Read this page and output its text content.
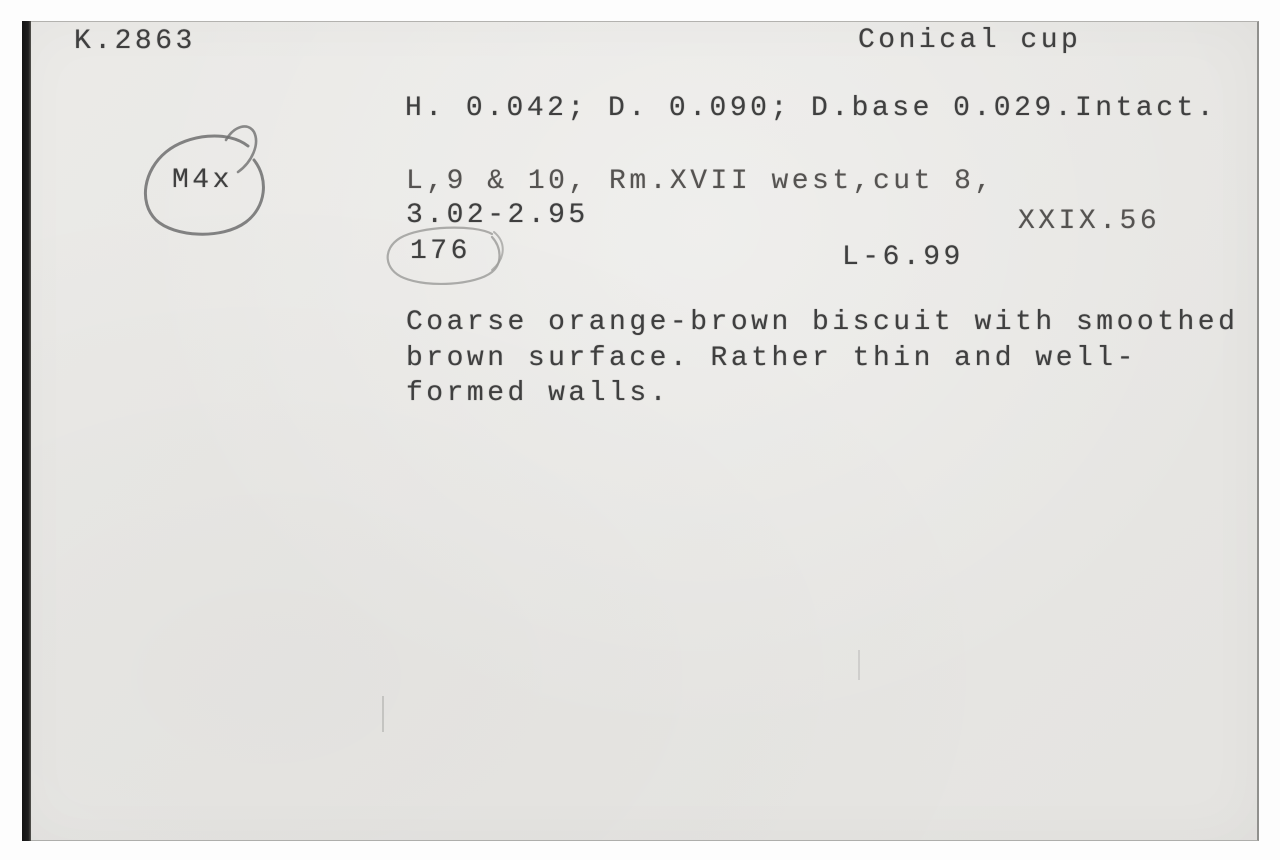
K.2863	Conical cup
H. 0.042; D. 0.090; D.base 0.029.Intact.
M4x	L,9 & 10, Rm.XVII west,cut 8,
3.02-2.95	XXIX.56
176	L-6.99
Coarse orange-brown biscuit with smoothed
brown surface. Rather thin and well-
formed walls.
